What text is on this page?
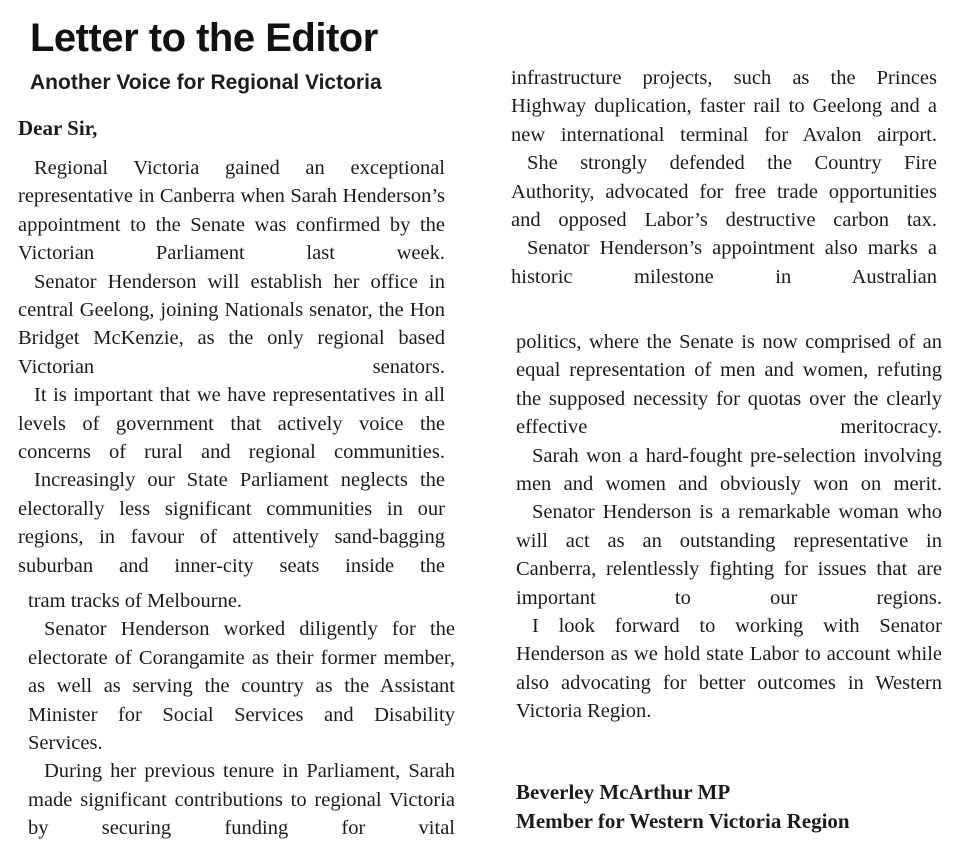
Letter to the Editor
Another Voice for Regional Victoria
Dear Sir,

Regional Victoria gained an exceptional representative in Canberra when Sarah Henderson’s appointment to the Senate was confirmed by the Victorian Parliament last week.

Senator Henderson will establish her office in central Geelong, joining Nationals senator, the Hon Bridget McKenzie, as the only regional based Victorian senators.

It is important that we have representatives in all levels of government that actively voice the concerns of rural and regional communities.

Increasingly our State Parliament neglects the electorally less significant communities in our regions, in favour of attentively sand-bagging suburban and inner-city seats inside the

tram tracks of Melbourne.

Senator Henderson worked diligently for the electorate of Corangamite as their former member, as well as serving the country as the Assistant Minister for Social Services and Disability Services.

During her previous tenure in Parliament, Sarah made significant contributions to regional Victoria by securing funding for vital

infrastructure projects, such as the Princes Highway duplication, faster rail to Geelong and a new international terminal for Avalon airport.

She strongly defended the Country Fire Authority, advocated for free trade opportunities and opposed Labor’s destructive carbon tax.

Senator Henderson’s appointment also marks a historic milestone in Australian

politics, where the Senate is now comprised of an equal representation of men and women, refuting the supposed necessity for quotas over the clearly effective meritocracy.

Sarah won a hard-fought pre-selection involving men and women and obviously won on merit.

Senator Henderson is a remarkable woman who will act as an outstanding representative in Canberra, relentlessly fighting for issues that are important to our regions.

I look forward to working with Senator Henderson as we hold state Labor to account while also advocating for better outcomes in Western Victoria Region.

Beverley McArthur MP
Member for Western Victoria Region
